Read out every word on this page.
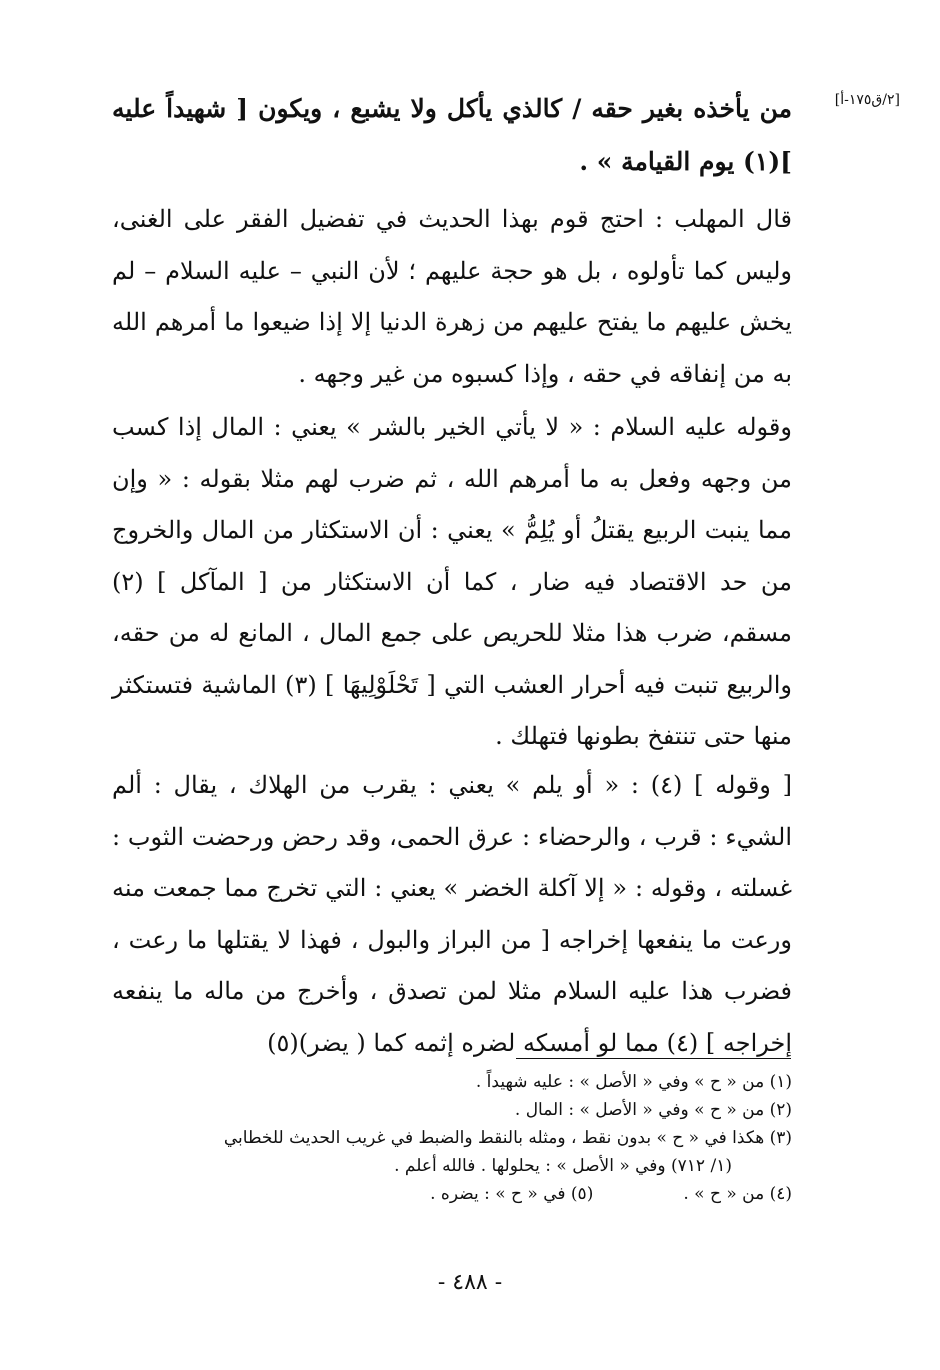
[٢/ق١٧٥-أ]
من يأخذه بغير حقه / كالذي يأكل ولا يشبع ، ويكون [ شهيداً عليه ](١) يوم القيامة » .
قال المهلب : احتج قوم بهذا الحديث في تفضيل الفقر على الغنى، وليس كما تأولوه ، بل هو حجة عليهم ؛ لأن النبي – عليه السلام – لم يخش عليهم ما يفتح عليهم من زهرة الدنيا إلا إذا ضيعوا ما أمرهم الله به من إنفاقه في حقه ، وإذا كسبوه من غير وجهه .
وقوله عليه السلام : « لا يأتي الخير بالشر » يعني : المال إذا كسب من وجهه وفعل به ما أمرهم الله ، ثم ضرب لهم مثلا بقوله : « وإن مما ينبت الربيع يقتلُ أو يُلِمُّ » يعني : أن الاستكثار من المال والخروج من حد الاقتصاد فيه ضار ، كما أن الاستكثار من [ المآكل ] (٢) مسقم، ضرب هذا مثلا للحريص على جمع المال ، المانع له من حقه، والربيع تنبت فيه أحرار العشب التي [ تَحْلَوْلِيهَا ] (٣) الماشية فتستكثر منها حتى تنتفخ بطونها فتهلك .
[ وقوله ] (٤) : « أو يلم » يعني : يقرب من الهلاك ، يقال : ألم الشيء : قرب ، والرحضاء : عرق الحمى، وقد رحض ورحضت الثوب : غسلته ، وقوله : « إلا آكلة الخضر » يعني : التي تخرج مما جمعت منه ورعت ما ينفعها إخراجه [ من البراز والبول ، فهذا لا يقتلها ما رعت ، فضرب هذا عليه السلام مثلا لمن تصدق ، وأخرج من ماله ما ينفعه إخراجه ] (٤) مما لو أمسكه لضره إثمه كما ( يضر)(٥)
(١) من « ح » وفي « الأصل » : عليه شهيداً .
(٢) من « ح » وفي « الأصل » : المال .
(٣) هكذا في « ح » بدون نقط ، ومثله بالنقط والضبط في غريب الحديث للخطابي
(١/ ٧١٢) وفي « الأصل » : يحلولها . فالله أعلم .
(٤) من « ح » .
(٥) في « ح » : يضره .
- ٤٨٨ -
